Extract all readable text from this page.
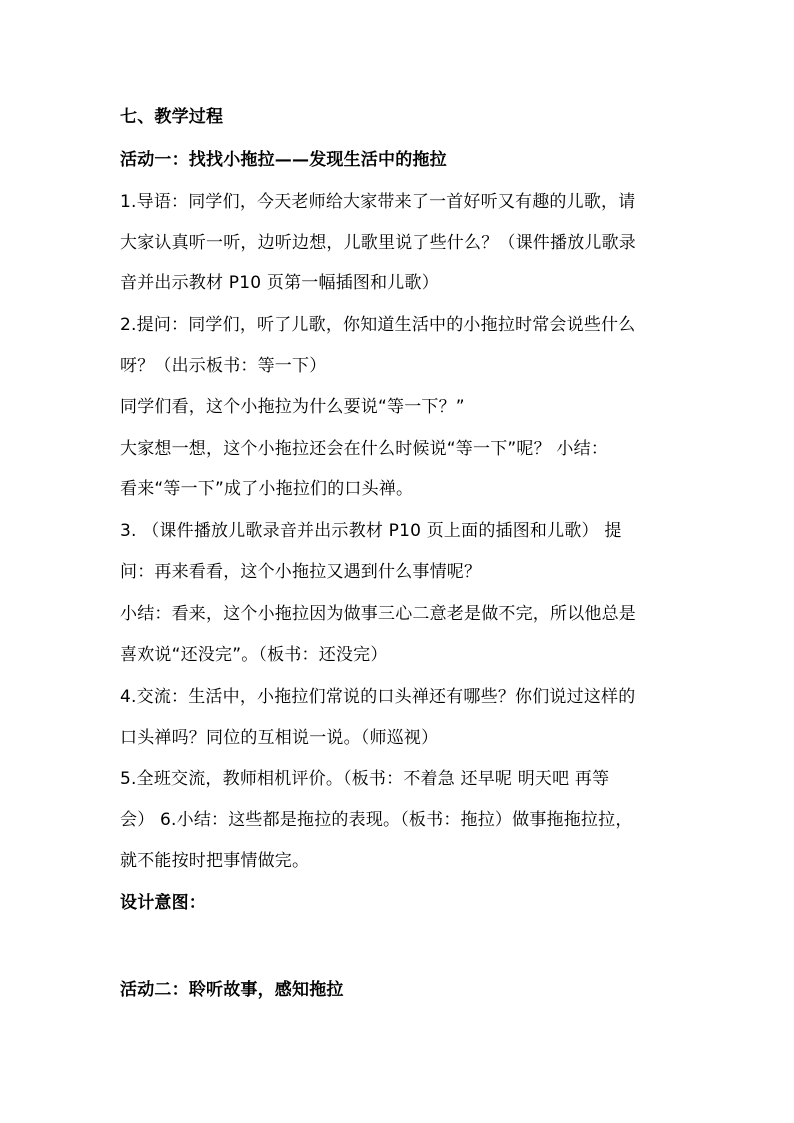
七、教学过程
活动一：找找小拖拉——发现生活中的拖拉
1.导语：同学们，今天老师给大家带来了一首好听又有趣的儿歌，请
大家认真听一听，边听边想，儿歌里说了些什么？（课件播放儿歌录
音并出示教材 P10 页第一幅插图和儿歌）
2.提问：同学们，听了儿歌，你知道生活中的小拖拉时常会说些什么
呀？（出示板书：等一下）
同学们看，这个小拖拉为什么要说“等一下？”
大家想一想，这个小拖拉还会在什么时候说“等一下”呢？ 小结：
看来“等一下”成了小拖拉们的口头禅。
3. （课件播放儿歌录音并出示教材 P10 页上面的插图和儿歌） 提
问：再来看看，这个小拖拉又遇到什么事情呢？
小结：看来，这个小拖拉因为做事三心二意老是做不完，所以他总是
喜欢说“还没完”。（板书：还没完）
4.交流：生活中，小拖拉们常说的口头禅还有哪些？你们说过这样的
口头禅吗？同位的互相说一说。（师巡视）
5.全班交流，教师相机评价。（板书：不着急 还早呢 明天吧 再等
会） 6.小结：这些都是拖拉的表现。（板书：拖拉）做事拖拖拉拉，
就不能按时把事情做完。
设计意图：
活动二：聆听故事，感知拖拉
